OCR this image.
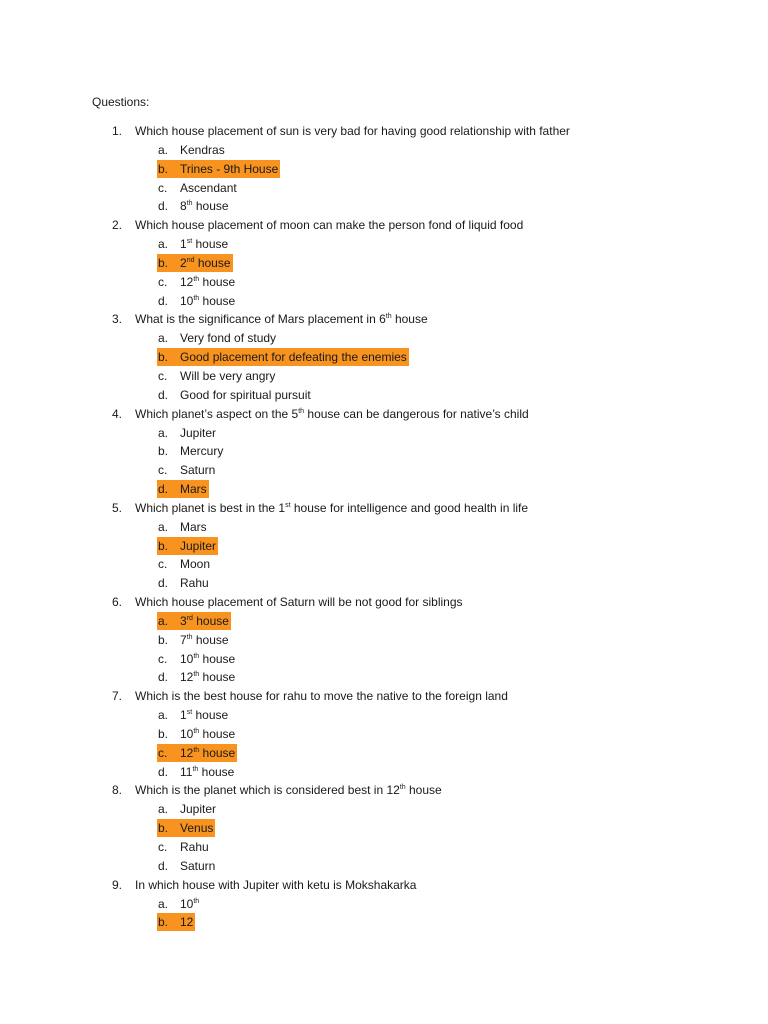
Questions:
1.	Which house placement of sun is very bad for having good relationship with father
a. Kendras
b. Trines - 9th House
c. Ascendant
d. 8th house
2.	Which house placement of moon can make the person fond of liquid food
a. 1st house
b. 2nd house
c. 12th house
d. 10th house
3.	What is the significance of Mars placement in 6th house
a. Very fond of study
b. Good placement for defeating the enemies
c. Will be very angry
d. Good for spiritual pursuit
4.	Which planet’s aspect on the 5th house can be dangerous for native’s child
a. Jupiter
b. Mercury
c. Saturn
d. Mars
5.	Which planet is best in the 1st house for intelligence and good health in life
a. Mars
b. Jupiter
c. Moon
d. Rahu
6.	Which house placement of Saturn will be not good for siblings
a. 3rd house
b. 7th house
c. 10th house
d. 12th house
7.	Which is the best house for rahu to move the native to the foreign land
a. 1st house
b. 10th house
c. 12th house
d. 11th house
8.	Which is the planet which is considered best in 12th house
a. Jupiter
b. Venus
c. Rahu
d. Saturn
9.	In which house with Jupiter with ketu is Mokshakarka
a. 10th
b. 12
